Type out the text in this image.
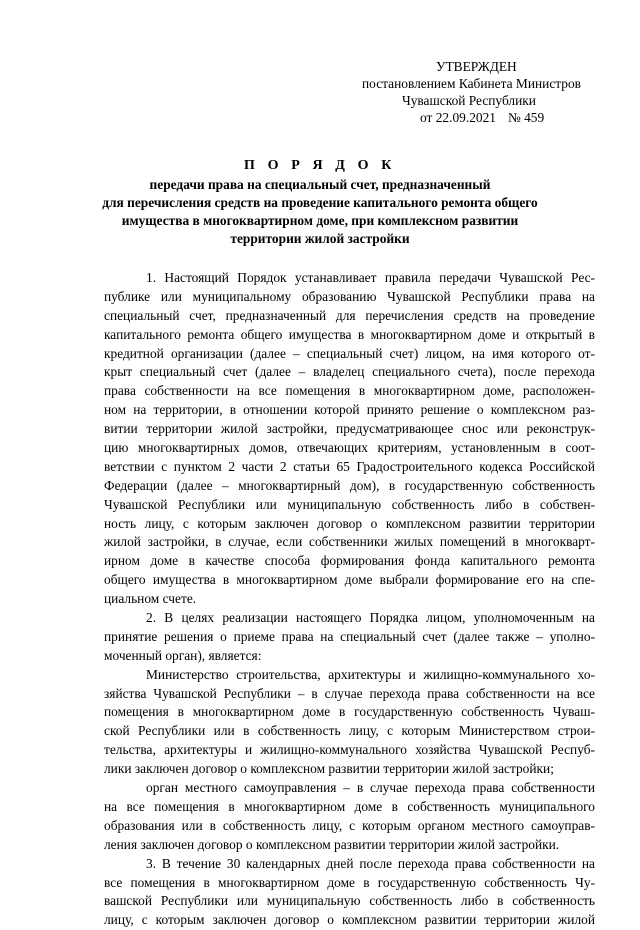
УТВЕРЖДЕН
постановлением Кабинета Министров
Чувашской Республики
от 22.09.2021 № 459
П О Р Я Д О К
передачи права на специальный счет, предназначенный
для перечисления средств на проведение капитального ремонта общего
имущества в многоквартирном доме, при комплексном развитии
территории жилой застройки
1. Настоящий Порядок устанавливает правила передачи Чувашской Рес-
публике или муниципальному образованию Чувашской Республики права на
специальный счет, предназначенный для перечисления средств на проведение
капитального ремонта общего имущества в многоквартирном доме и открытый в
кредитной организации (далее – специальный счет) лицом, на имя которого от-
крыт специальный счет (далее – владелец специального счета), после перехода
права собственности на все помещения в многоквартирном доме, расположен-
ном на территории, в отношении которой принято решение о комплексном раз-
витии территории жилой застройки, предусматривающее снос или реконструк-
цию многоквартирных домов, отвечающих критериям, установленным в соот-
ветствии с пунктом 2 части 2 статьи 65 Градостроительного кодекса Российской
Федерации (далее – многоквартирный дом), в государственную собственность
Чувашской Республики или муниципальную собственность либо в собствен-
ность лицу, с которым заключен договор о комплексном развитии территории
жилой застройки, в случае, если собственники жилых помещений в многокварт-
ирном доме в качестве способа формирования фонда капитального ремонта
общего имущества в многоквартирном доме выбрали формирование его на спе-
циальном счете.
2. В целях реализации настоящего Порядка лицом, уполномоченным на
принятие решения о приеме права на специальный счет (далее также – уполно-
моченный орган), является:
Министерство строительства, архитектуры и жилищно-коммунального хо-
зяйства Чувашской Республики – в случае перехода права собственности на все
помещения в многоквартирном доме в государственную собственность Чуваш-
ской Республики или в собственность лицу, с которым Министерством строи-
тельства, архитектуры и жилищно-коммунального хозяйства Чувашской Респуб-
лики заключен договор о комплексном развитии территории жилой застройки;
орган местного самоуправления – в случае перехода права собственности
на все помещения в многоквартирном доме в собственность муниципального
образования или в собственность лицу, с которым органом местного самоуправ-
ления заключен договор о комплексном развитии территории жилой застройки.
3. В течение 30 календарных дней после перехода права собственности на
все помещения в многоквартирном доме в государственную собственность Чу-
вашской Республики или муниципальную собственность либо в собственность
лицу, с которым заключен договор о комплексном развитии территории жилой
